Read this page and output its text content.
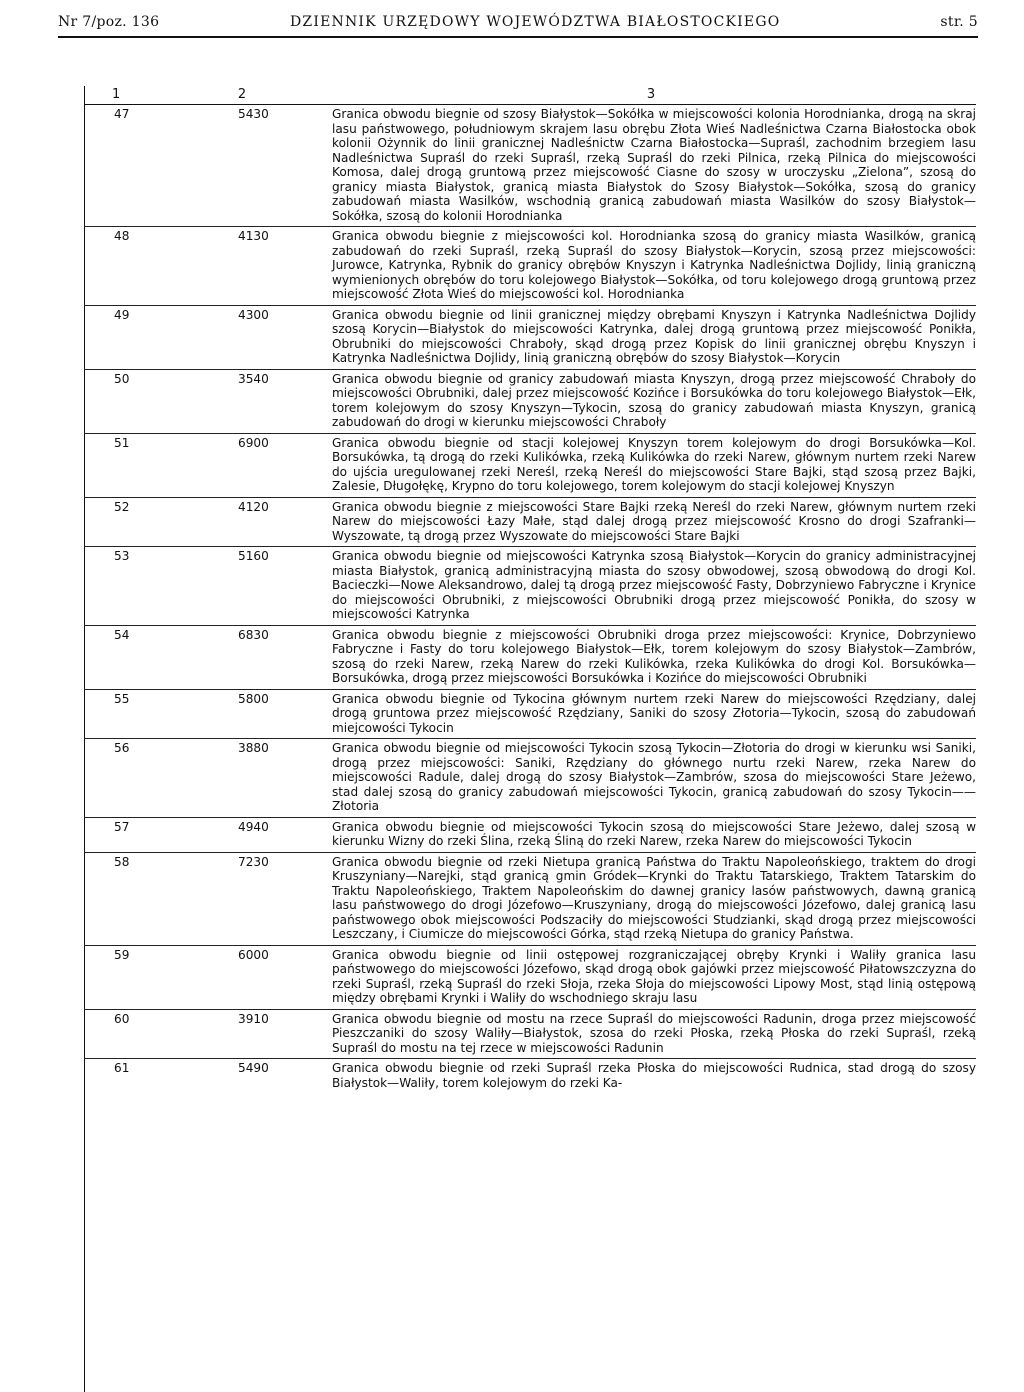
Nr 7/poz. 136	DZIENNIK URZĘDOWY WOJEWÓDZTWA BIAŁOSTOCKIEGO	str. 5
1	2	3
47	5430	Granica obwodu biegnie od szosy Białystok—Sokółka w miejscowości kolonia Horodnianka, drogą na skraj lasu państwowego, południowym skrajem lasu obrębu Złota Wieś Nadleśnictwa Czarna Białostocka obok kolonii Ożynnik do linii granicznej Nadleśnictw Czarna Białostocka—Supraśl, zachodnim brzegiem lasu Nadleśnictwa Supraśl do rzeki Supraśl, rzeką Supraśl do rzeki Pilnica, rzeką Pilnica do miejscowości Komosa, dalej drogą gruntową przez miejscowość Ciasne do szosy w uroczysku „Zielona”, szosą do granicy miasta Białystok, granicą miasta Białystok do Szosy Białystok—Sokółka, szosą do granicy zabudowań miasta Wasilków, wschodnią granicą zabudowań miasta Wasilków do szosy Białystok—Sokółka, szosą do kolonii Horodnianka
48	4130	Granica obwodu biegnie z miejscowości kol. Horodnianka szosą do granicy miasta Wasilków, granicą zabudowań do rzeki Supraśl, rzeką Supraśl do szosy Białystok—Korycin, szosą przez miejscowości: Jurowce, Katrynka, Rybnik do granicy obrębów Knyszyn i Katrynka Nadleśnictwa Dojlidy, linią graniczną wymienionych obrębów do toru kolejowego Białystok—Sokółka, od toru kolejowego drogą gruntową przez miejscowość Złota Wieś do miejscowości kol. Horodnianka
49	4300	Granica obwodu biegnie od linii granicznej między obrębami Knyszyn i Katrynka Nadleśnictwa Dojlidy szosą Korycin—Białystok do miejscowości Katrynka, dalej drogą gruntową przez miejscowość Ponikła, Obrubniki do miejscowości Chraboły, skąd drogą przez Kopisk do linii granicznej obrębu Knyszyn i Katrynka Nadleśnictwa Dojlidy, linią graniczną obrębów do szosy Białystok—Korycin
50	3540	Granica obwodu biegnie od granicy zabudowań miasta Knyszyn, drogą przez miejscowość Chraboły do miejscowości Obrubniki, dalej przez miejscowość Kozińce i Borsukówka do toru kolejowego Białystok—Ełk, torem kolejowym do szosy Knyszyn—Tykocin, szosą do granicy zabudowań miasta Knyszyn, granicą zabudowań do drogi w kierunku miejscowości Chraboły
51	6900	Granica obwodu biegnie od stacji kolejowej Knyszyn torem kolejowym do drogi Borsukówka—Kol. Borsukówka, tą drogą do rzeki Kulikówka, rzeką Kulikówka do rzeki Narew, głównym nurtem rzeki Narew do ujścia uregulowanej rzeki Nereśl, rzeką Nereśl do miejscowości Stare Bajki, stąd szosą przez Bajki, Zalesie, Długołękę, Krypno do toru kolejowego, torem kolejowym do stacji kolejowej Knyszyn
52	4120	Granica obwodu biegnie z miejscowości Stare Bajki rzeką Nereśl do rzeki Narew, głównym nurtem rzeki Narew do miejscowości Łazy Małe, stąd dalej drogą przez miejscowość Krosno do drogi Szafranki—Wyszowate, tą drogą przez Wyszowate do miejscowości Stare Bajki
53	5160	Granica obwodu biegnie od miejscowości Katrynka szosą Białystok—Korycin do granicy administracyjnej miasta Białystok, granicą administracyjną miasta do szosy obwodowej, szosą obwodową do drogi Kol. Bacieczki—Nowe Aleksandrowo, dalej tą drogą przez miejscowość Fasty, Dobrzyniewo Fabryczne i Krynice do miejscowości Obrubniki, z miejscowości Obrubniki drogą przez miejscowość Ponikła, do szosy w miejscowości Katrynka
54	6830	Granica obwodu biegnie z miejscowości Obrubniki droga przez miejscowości: Krynice, Dobrzyniewo Fabryczne i Fasty do toru kolejowego Białystok—Ełk, torem kolejowym do szosy Białystok—Zambrów, szosą do rzeki Narew, rzeką Narew do rzeki Kulikówka, rzeka Kulikówka do drogi Kol. Borsukówka—Borsukówka, drogą przez miejscowości Borsukówka i Kozińce do miejscowości Obrubniki
55	5800	Granica obwodu biegnie od Tykocina głównym nurtem rzeki Narew do miejscowości Rzędziany, dalej drogą gruntowa przez miejscowość Rzędziany, Saniki do szosy Złotoria—Tykocin, szosą do zabudowań miejcowości Tykocin
56	3880	Granica obwodu biegnie od miejscowości Tykocin szosą Tykocin—Złotoria do drogi w kierunku wsi Saniki, drogą przez miejscowości: Saniki, Rzędziany do głównego nurtu rzeki Narew, rzeka Narew do miejscowości Radule, dalej drogą do szosy Białystok—Zambrów, szosa do miejscowości Stare Jeżewo, stad dalej szosą do granicy zabudowań miejscowości Tykocin, granicą zabudowań do szosy Tykocin——Złotoria
57	4940	Granica obwodu biegnie od miejscowości Tykocin szosą do miejscowości Stare Jeżewo, dalej szosą w kierunku Wizny do rzeki Ślina, rzeką Śliną do rzeki Narew, rzeka Narew do miejscowości Tykocin
58	7230	Granica obwodu biegnie od rzeki Nietupa granicą Państwa do Traktu Napoleońskiego, traktem do drogi Kruszyniany—Narejki, stąd granicą gmin Gródek—Krynki do Traktu Tatarskiego, Traktem Tatarskim do Traktu Napoleońskiego, Traktem Napoleońskim do dawnej granicy lasów państwowych, dawną granicą lasu państwowego do drogi Józefowo—Kruszyniany, drogą do miejscowości Józefowo, dalej granicą lasu państwowego obok miejscowości Podszaciły do miejscowości Studzianki, skąd drogą przez miejscowości Leszczany, i Ciumicze do miejscowości Górka, stąd rzeką Nietupa do granicy Państwa.
59	6000	Granica obwodu biegnie od linii ostępowej rozgraniczającej obręby Krynki i Waliły granica lasu państwowego do miejscowości Józefowo, skąd drogą obok gajówki przez miejscowość Piłatowszczyzna do rzeki Supraśl, rzeką Supraśl do rzeki Słoja, rzeka Słoja do miejscowości Lipowy Most, stąd linią ostępową między obrębami Krynki i Waliły do wschodniego skraju lasu
60	3910	Granica obwodu biegnie od mostu na rzece Supraśl do miejscowości Radunin, droga przez miejscowość Pieszczaniki do szosy Waliły—Białystok, szosa do rzeki Płoska, rzeką Płoska do rzeki Supraśl, rzeką Supraśl do mostu na tej rzece w miejscowości Radunin
61	5490	Granica obwodu biegnie od rzeki Supraśl rzeka Płoska do miejscowości Rudnica, stad drogą do szosy Białystok—Waliły, torem kolejowym do rzeki Ka-
